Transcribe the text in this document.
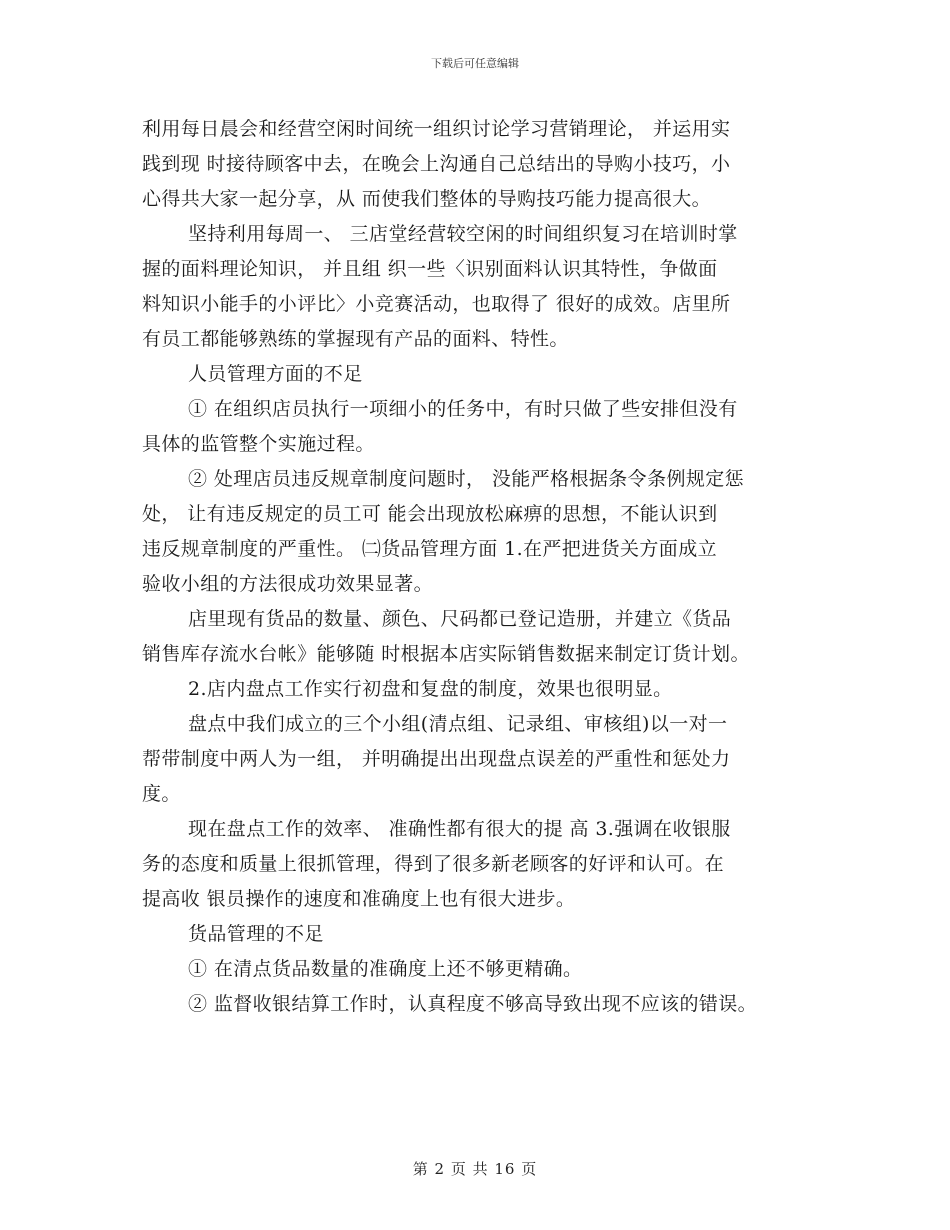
下载后可任意编辑
利用每日晨会和经营空闲时间统一组织讨论学习营销理论， 并运用实
践到现 时接待顾客中去，在晚会上沟通自己总结出的导购小技巧，小
心得共大家一起分享，从 而使我们整体的导购技巧能力提高很大。
坚持利用每周一、 三店堂经营较空闲的时间组织复习在培训时掌
握的面料理论知识， 并且组 织一些〈识别面料认识其特性，争做面
料知识小能手的小评比〉小竞赛活动，也取得了 很好的成效。店里所
有员工都能够熟练的掌握现有产品的面料、特性。
人员管理方面的不足
① 在组织店员执行一项细小的任务中，有时只做了些安排但没有
具体的监管整个实施过程。
② 处理店员违反规章制度问题时， 没能严格根据条令条例规定惩
处， 让有违反规定的员工可 能会出现放松麻痹的思想，不能认识到
违反规章制度的严重性。 ㈡货品管理方面 1.在严把进货关方面成立
验收小组的方法很成功效果显著。
店里现有货品的数量、颜色、尺码都已登记造册，并建立《货品
销售库存流水台帐》能够随 时根据本店实际销售数据来制定订货计划。
2.店内盘点工作实行初盘和复盘的制度，效果也很明显。
盘点中我们成立的三个小组(清点组、记录组、审核组)以一对一
帮带制度中两人为一组， 并明确提出出现盘点误差的严重性和惩处力
度。
现在盘点工作的效率、 准确性都有很大的提 高 3.强调在收银服
务的态度和质量上很抓管理，得到了很多新老顾客的好评和认可。在
提高收 银员操作的速度和准确度上也有很大进步。
货品管理的不足
① 在清点货品数量的准确度上还不够更精确。
② 监督收银结算工作时，认真程度不够高导致出现不应该的错误。
第 2 页 共 16 页
